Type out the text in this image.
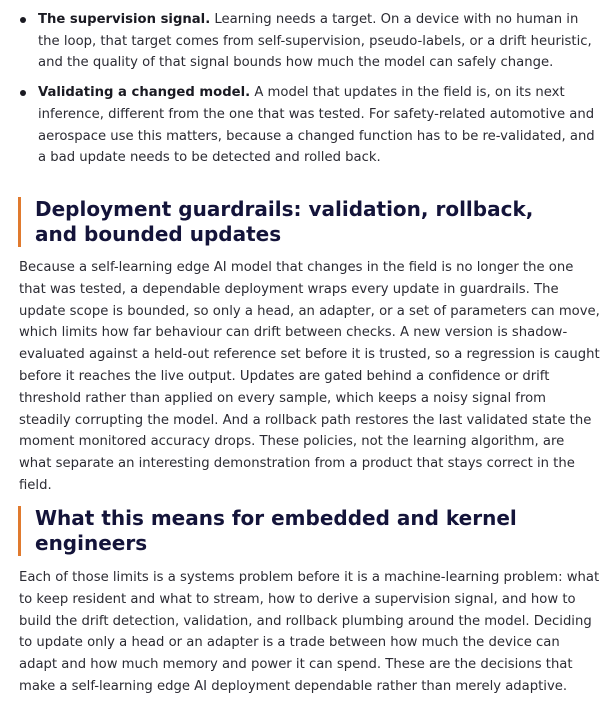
The supervision signal. Learning needs a target. On a device with no human in the loop, that target comes from self-supervision, pseudo-labels, or a drift heuristic, and the quality of that signal bounds how much the model can safely change.
Validating a changed model. A model that updates in the field is, on its next inference, different from the one that was tested. For safety-related automotive and aerospace use this matters, because a changed function has to be re-validated, and a bad update needs to be detected and rolled back.
Deployment guardrails: validation, rollback, and bounded updates

Because a self-learning edge AI model that changes in the field is no longer the one that was tested, a dependable deployment wraps every update in guardrails. The update scope is bounded, so only a head, an adapter, or a set of parameters can move, which limits how far behaviour can drift between checks. A new version is shadow-evaluated against a held-out reference set before it is trusted, so a regression is caught before it reaches the live output. Updates are gated behind a confidence or drift threshold rather than applied on every sample, which keeps a noisy signal from steadily corrupting the model. And a rollback path restores the last validated state the moment monitored accuracy drops. These policies, not the learning algorithm, are what separate an interesting demonstration from a product that stays correct in the field.

What this means for embedded and kernel engineers

Each of those limits is a systems problem before it is a machine-learning problem: what to keep resident and what to stream, how to derive a supervision signal, and how to build the drift detection, validation, and rollback plumbing around the model. Deciding to update only a head or an adapter is a trade between how much the device can adapt and how much memory and power it can spend. These are the decisions that make a self-learning edge AI deployment dependable rather than merely adaptive.
